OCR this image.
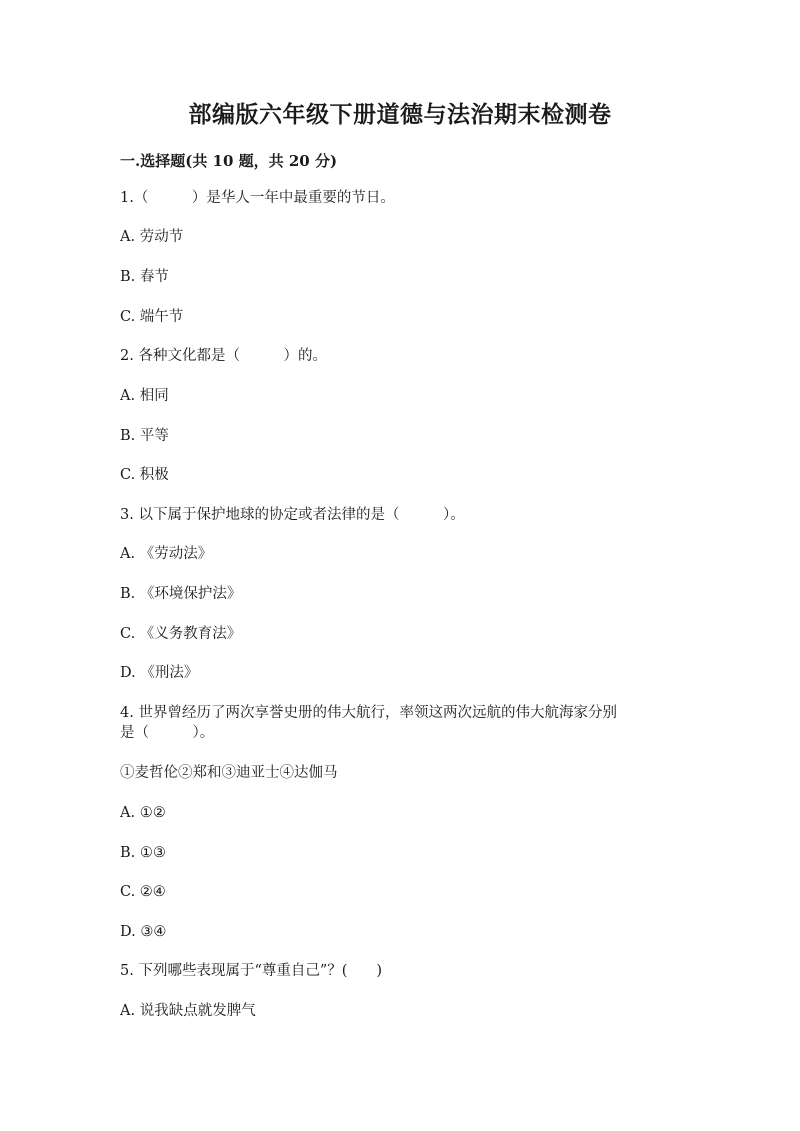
部编版六年级下册道德与法治期末检测卷
一.选择题(共 10 题，共 20 分)
1.（　　　）是华人一年中最重要的节日。
A. 劳动节
B. 春节
C. 端午节
2. 各种文化都是（　　　）的。
A. 相同
B. 平等
C. 积极
3. 以下属于保护地球的协定或者法律的是（　　　）。
A. 《劳动法》
B. 《环境保护法》
C. 《义务教育法》
D. 《刑法》
4. 世界曾经历了两次享誉史册的伟大航行，率领这两次远航的伟大航海家分别
是（　　　）。
①麦哲伦②郑和③迪亚士④达伽马
A. ①②
B. ①③
C. ②④
D. ③④
5. 下列哪些表现属于“尊重自己”？(　　)
A. 说我缺点就发脾气
